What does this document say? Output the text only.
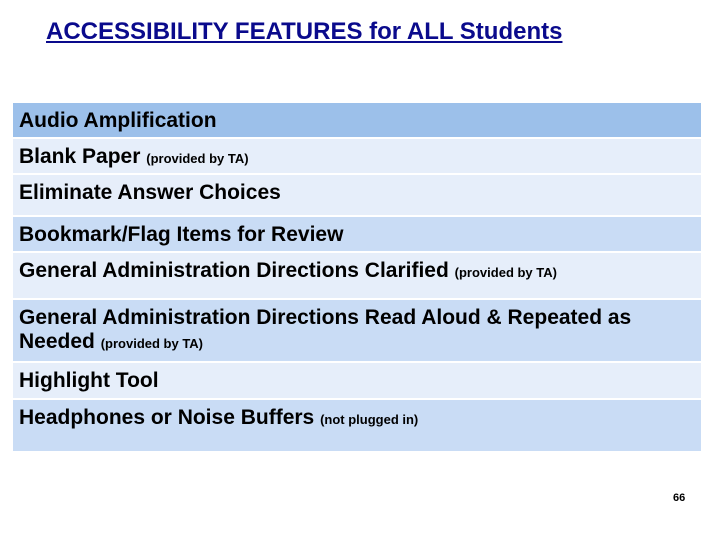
ACCESSIBILITY FEATURES for ALL Students
Audio Amplification
Blank Paper (provided by TA)
Eliminate Answer Choices
Bookmark/Flag Items for Review
General Administration Directions Clarified (provided by TA)
General Administration Directions Read Aloud & Repeated as Needed (provided by TA)
Highlight Tool
Headphones or Noise Buffers (not plugged in)
66
